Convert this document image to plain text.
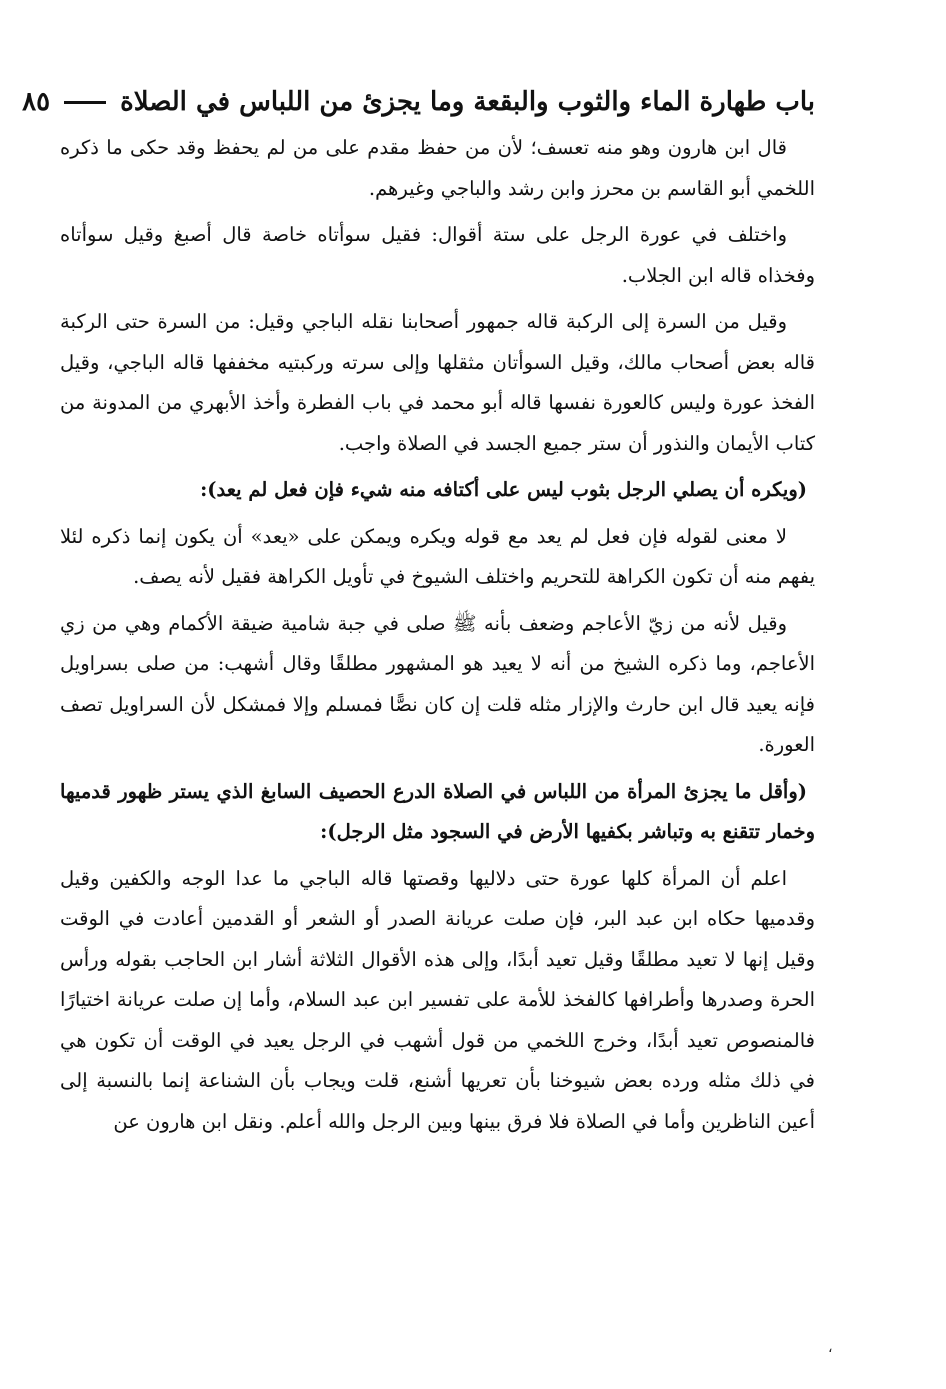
باب طهارة الماء والثوب والبقعة وما يجزئ من اللباس في الصلاة
٨٥

قال ابن هارون وهو منه تعسف؛ لأن من حفظ مقدم على من لم يحفظ وقد حكى ما ذكره اللخمي أبو القاسم بن محرز وابن رشد والباجي وغيرهم.

واختلف في عورة الرجل على ستة أقوال: فقيل سوأتاه خاصة قال أصبغ وقيل سوأتاه وفخذاه قاله ابن الجلاب.

وقيل من السرة إلى الركبة قاله جمهور أصحابنا نقله الباجي وقيل: من السرة حتى الركبة قاله بعض أصحاب مالك، وقيل السوأتان مثقلها وإلى سرته وركبتيه مخففها قاله الباجي، وقيل الفخذ عورة وليس كالعورة نفسها قاله أبو محمد في باب الفطرة وأخذ الأبهري من المدونة من كتاب الأيمان والنذور أن ستر جميع الجسد في الصلاة واجب.

(ويكره أن يصلي الرجل بثوب ليس على أكتافه منه شيء فإن فعل لم يعد):

لا معنى لقوله فإن فعل لم يعد مع قوله ويكره ويمكن على «يعد» أن يكون إنما ذكره لئلا يفهم منه أن تكون الكراهة للتحريم واختلف الشيوخ في تأويل الكراهة فقيل لأنه يصف.

وقيل لأنه من زيّ الأعاجم وضعف بأنه ﷺ صلى في جبة شامية ضيقة الأكمام وهي من زي الأعاجم، وما ذكره الشيخ من أنه لا يعيد هو المشهور مطلقًا وقال أشهب: من صلى بسراويل فإنه يعيد قال ابن حارث والإزار مثله قلت إن كان نصًّا فمسلم وإلا فمشكل لأن السراويل تصف العورة.

(وأقل ما يجزئ المرأة من اللباس في الصلاة الدرع الحصيف السابغ الذي يستر ظهور قدميها وخمار تتقنع به وتباشر بكفيها الأرض في السجود مثل الرجل):

اعلم أن المرأة كلها عورة حتى دلاليها وقصتها قاله الباجي ما عدا الوجه والكفين وقيل وقدميها حكاه ابن عبد البر، فإن صلت عريانة الصدر أو الشعر أو القدمين أعادت في الوقت وقيل إنها لا تعيد مطلقًا وقيل تعيد أبدًا، وإلى هذه الأقوال الثلاثة أشار ابن الحاجب بقوله ورأس الحرة وصدرها وأطرافها كالفخذ للأمة على تفسير ابن عبد السلام، وأما إن صلت عريانة اختيارًا فالمنصوص تعيد أبدًا، وخرج اللخمي من قول أشهب في الرجل يعيد في الوقت أن تكون هي في ذلك مثله ورده بعض شيوخنا بأن تعريها أشنع، قلت ويجاب بأن الشناعة إنما بالنسبة إلى أعين الناظرين وأما في الصلاة فلا فرق بينها وبين الرجل والله أعلم. ونقل ابن هارون عن

،
